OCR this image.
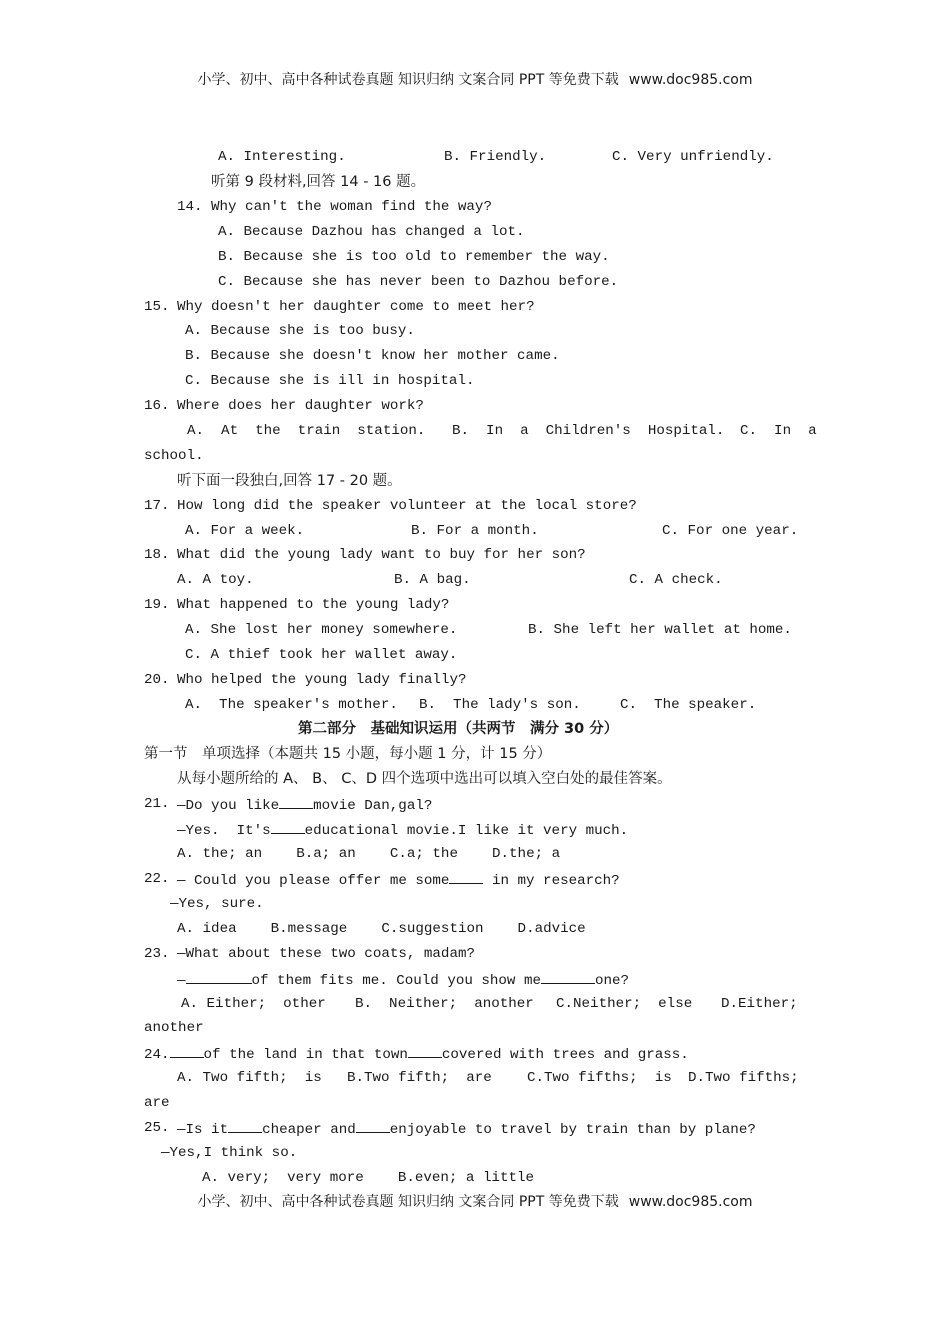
小学、初中、高中各种试卷真题 知识归纳 文案合同 PPT 等免费下载 www.doc985.com
A. Interesting.	B. Friendly.	C. Very unfriendly.
听第 9 段材料,回答 14 - 16 题。
14. Why can't the woman find the way?
A. Because Dazhou has changed a lot.
B. Because she is too old to remember the way.
C. Because she has never been to Dazhou before.
15. Why doesn't her daughter come to meet her?
A. Because she is too busy.
B. Because she doesn't know her mother came.
C. Because she is ill in hospital.
16. Where does her daughter work?
A.  At  the  train  station. B.  In  a  Children's  Hospital. C.  In  a
school.
听下面一段独白,回答 17 - 20 题。
17. How long did the speaker volunteer at the local store?
A. For a week.	B. For a month.	C. For one year.
18. What did the young lady want to buy for her son?
A. A toy.	B. A bag.	C. A check.
19. What happened to the young lady?
A. She lost her money somewhere.	B. She left her wallet at home.
C. A thief took her wallet away.
20. Who helped the young lady finally?
A.  The speaker's mother. B.  The lady's son.	C.  The speaker.
第二部分　基础知识运用（共两节　满分 30 分）
第一节　单项选择（本题共 15 小题，每小题 1 分，计 15 分）
从每小题所给的 A、 B、 C、D 四个选项中选出可以填入空白处的最佳答案。
21. —Do you like movie Dan,gal?
—Yes.  It's educational movie.I like it very much.
A. the; an    B.a; an    C.a; the    D.the; a
22. — Could you please offer me some in my research?
—Yes, sure.
A. idea    B.message    C.suggestion    D.advice
23. —What about these two coats, madam?
—	of them fits me. Could you show me	one?
A. Either;  other B.  Neither;  another C.Neither;  else D.Either;
another
24. of the land in that town covered with trees and grass.
A. Two fifth;  is B.Two fifth;  are C.Two fifths;  is D.Two fifths;
are
25. —Is it cheaper and enjoyable to travel by train than by plane?
—Yes,I think so.
A. very;  very more    B.even; a little
小学、初中、高中各种试卷真题 知识归纳 文案合同 PPT 等免费下载 www.doc985.com
